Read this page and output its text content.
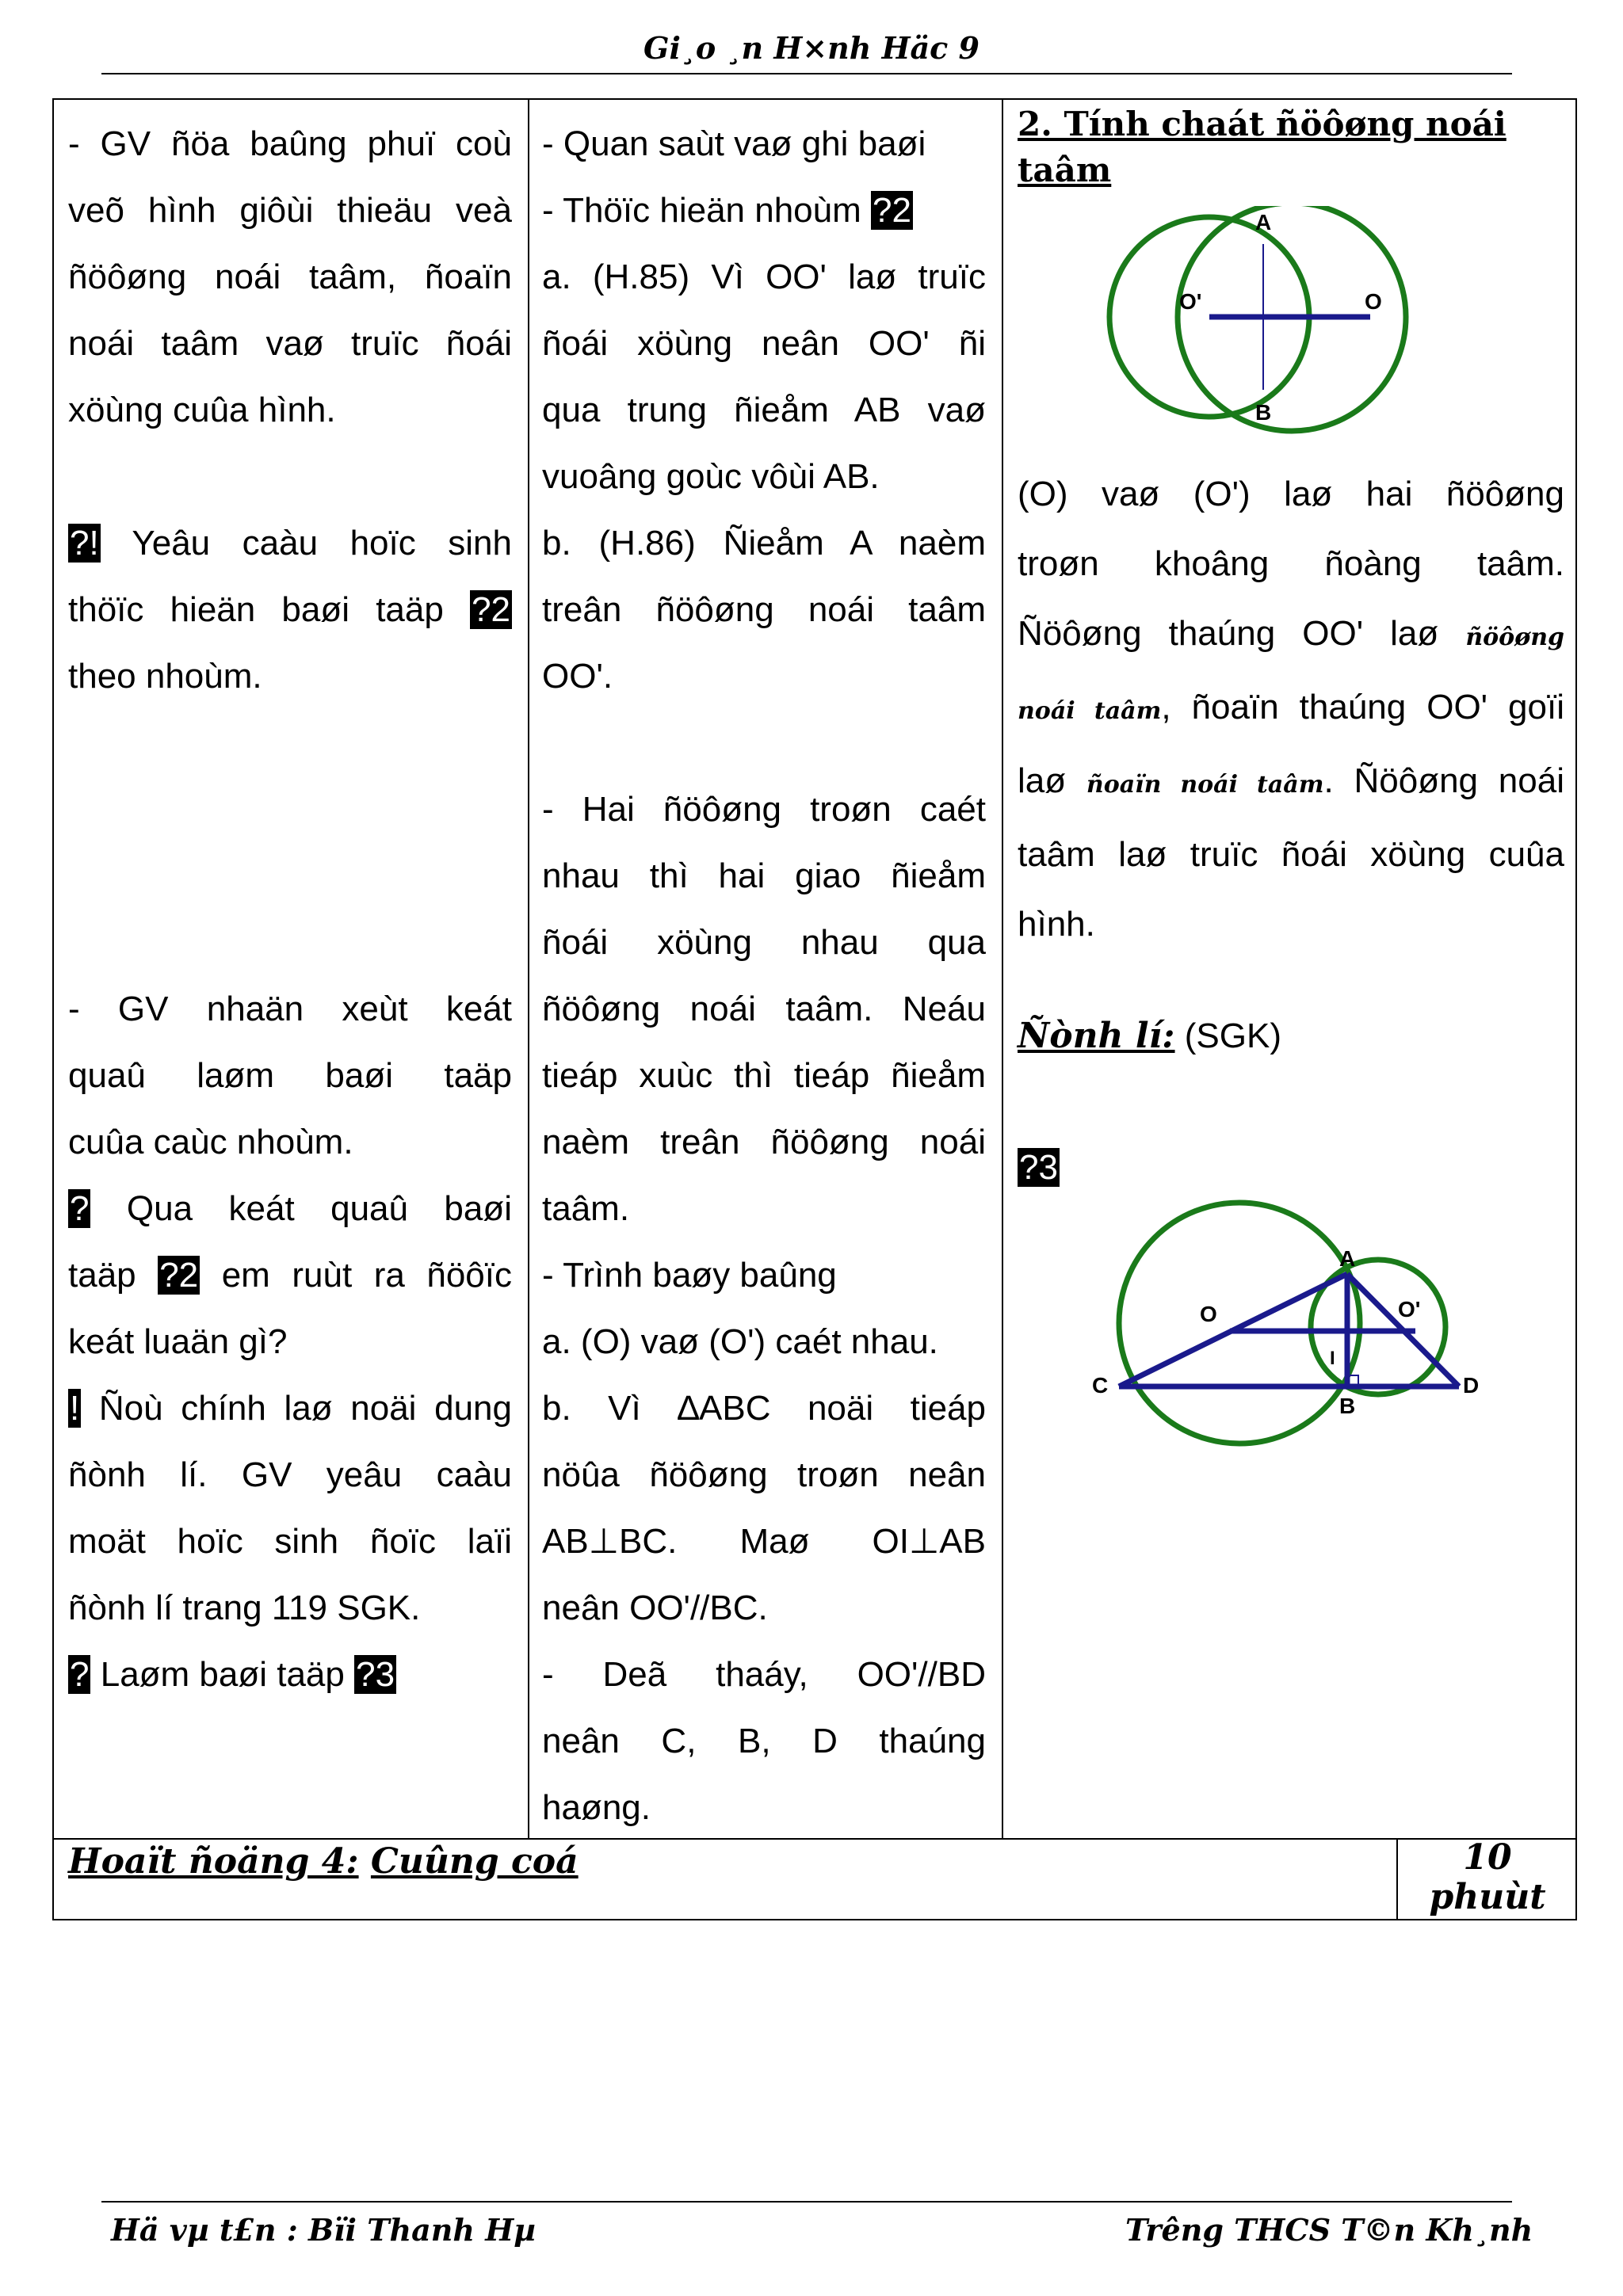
Gi¸o ¸n H×nh Häc 9

- GV ñöa baûng phuï coù

veõ hình giôùi thieäu veà

ñöôøng noái taâm, ñoaïn

noái taâm vaø truïc ñoái

xöùng cuûa hình.

?! Yeâu caàu hoïc sinh

thöïc hieän baøi taäp ?2

theo nhoùm.

- GV nhaän xeùt keát

quaû laøm baøi taäp

cuûa caùc nhoùm.

? Qua keát quaû baøi

taäp ?2 em ruùt ra ñöôïc

keát luaän gì?

! Ñoù chính laø noäi dung

ñònh lí. GV yeâu caàu

moät hoïc sinh ñoïc laïi

ñònh lí trang 119 SGK.

? Laøm baøi taäp ?3

- Quan saùt vaø ghi baøi

- Thöïc hieän nhoùm ?2

a. (H.85) Vì OO' laø truïc

ñoái xöùng neân OO' ñi

qua trung ñieåm AB vaø

vuoâng goùc vôùi AB.

b. (H.86) Ñieåm A naèm

treân ñöôøng noái taâm

OO'.

- Hai ñöôøng troøn caét

nhau thì hai giao ñieåm

ñoái xöùng nhau qua

ñöôøng noái taâm. Neáu

tieáp xuùc thì tieáp ñieåm

naèm treân ñöôøng noái

taâm.

- Trình baøy baûng

a. (O) vaø (O') caét nhau.

b. Vì ∆ABC noäi tieáp

nöûa ñöôøng troøn neân

AB⊥BC. Maø OI⊥AB

neân OO'//BC.

- Deã thaáy, OO'//BD

neân C, B, D thaúng

haøng.

2. Tính chaát ñöôøng noái taâm
A
B
O'	O

(O) vaø (O') laø hai ñöôøng

troøn khoâng ñoàng taâm.

Ñöôøng thaúng OO' laø ñöôøng

noái taâm, ñoaïn thaúng OO' goïi

laø ñoaïn noái taâm. Ñöôøng noái

taâm laø truïc ñoái xöùng cuûa

hình.

Ñònh lí: (SGK)

?3

A
O	O'
I
C
B
D
Hoaït ñoäng 4: Cuûng coá	10
phuùt
Hä vµ t£n : Bïi Thanh Hµ	Trêng THCS T©n Kh¸nh
